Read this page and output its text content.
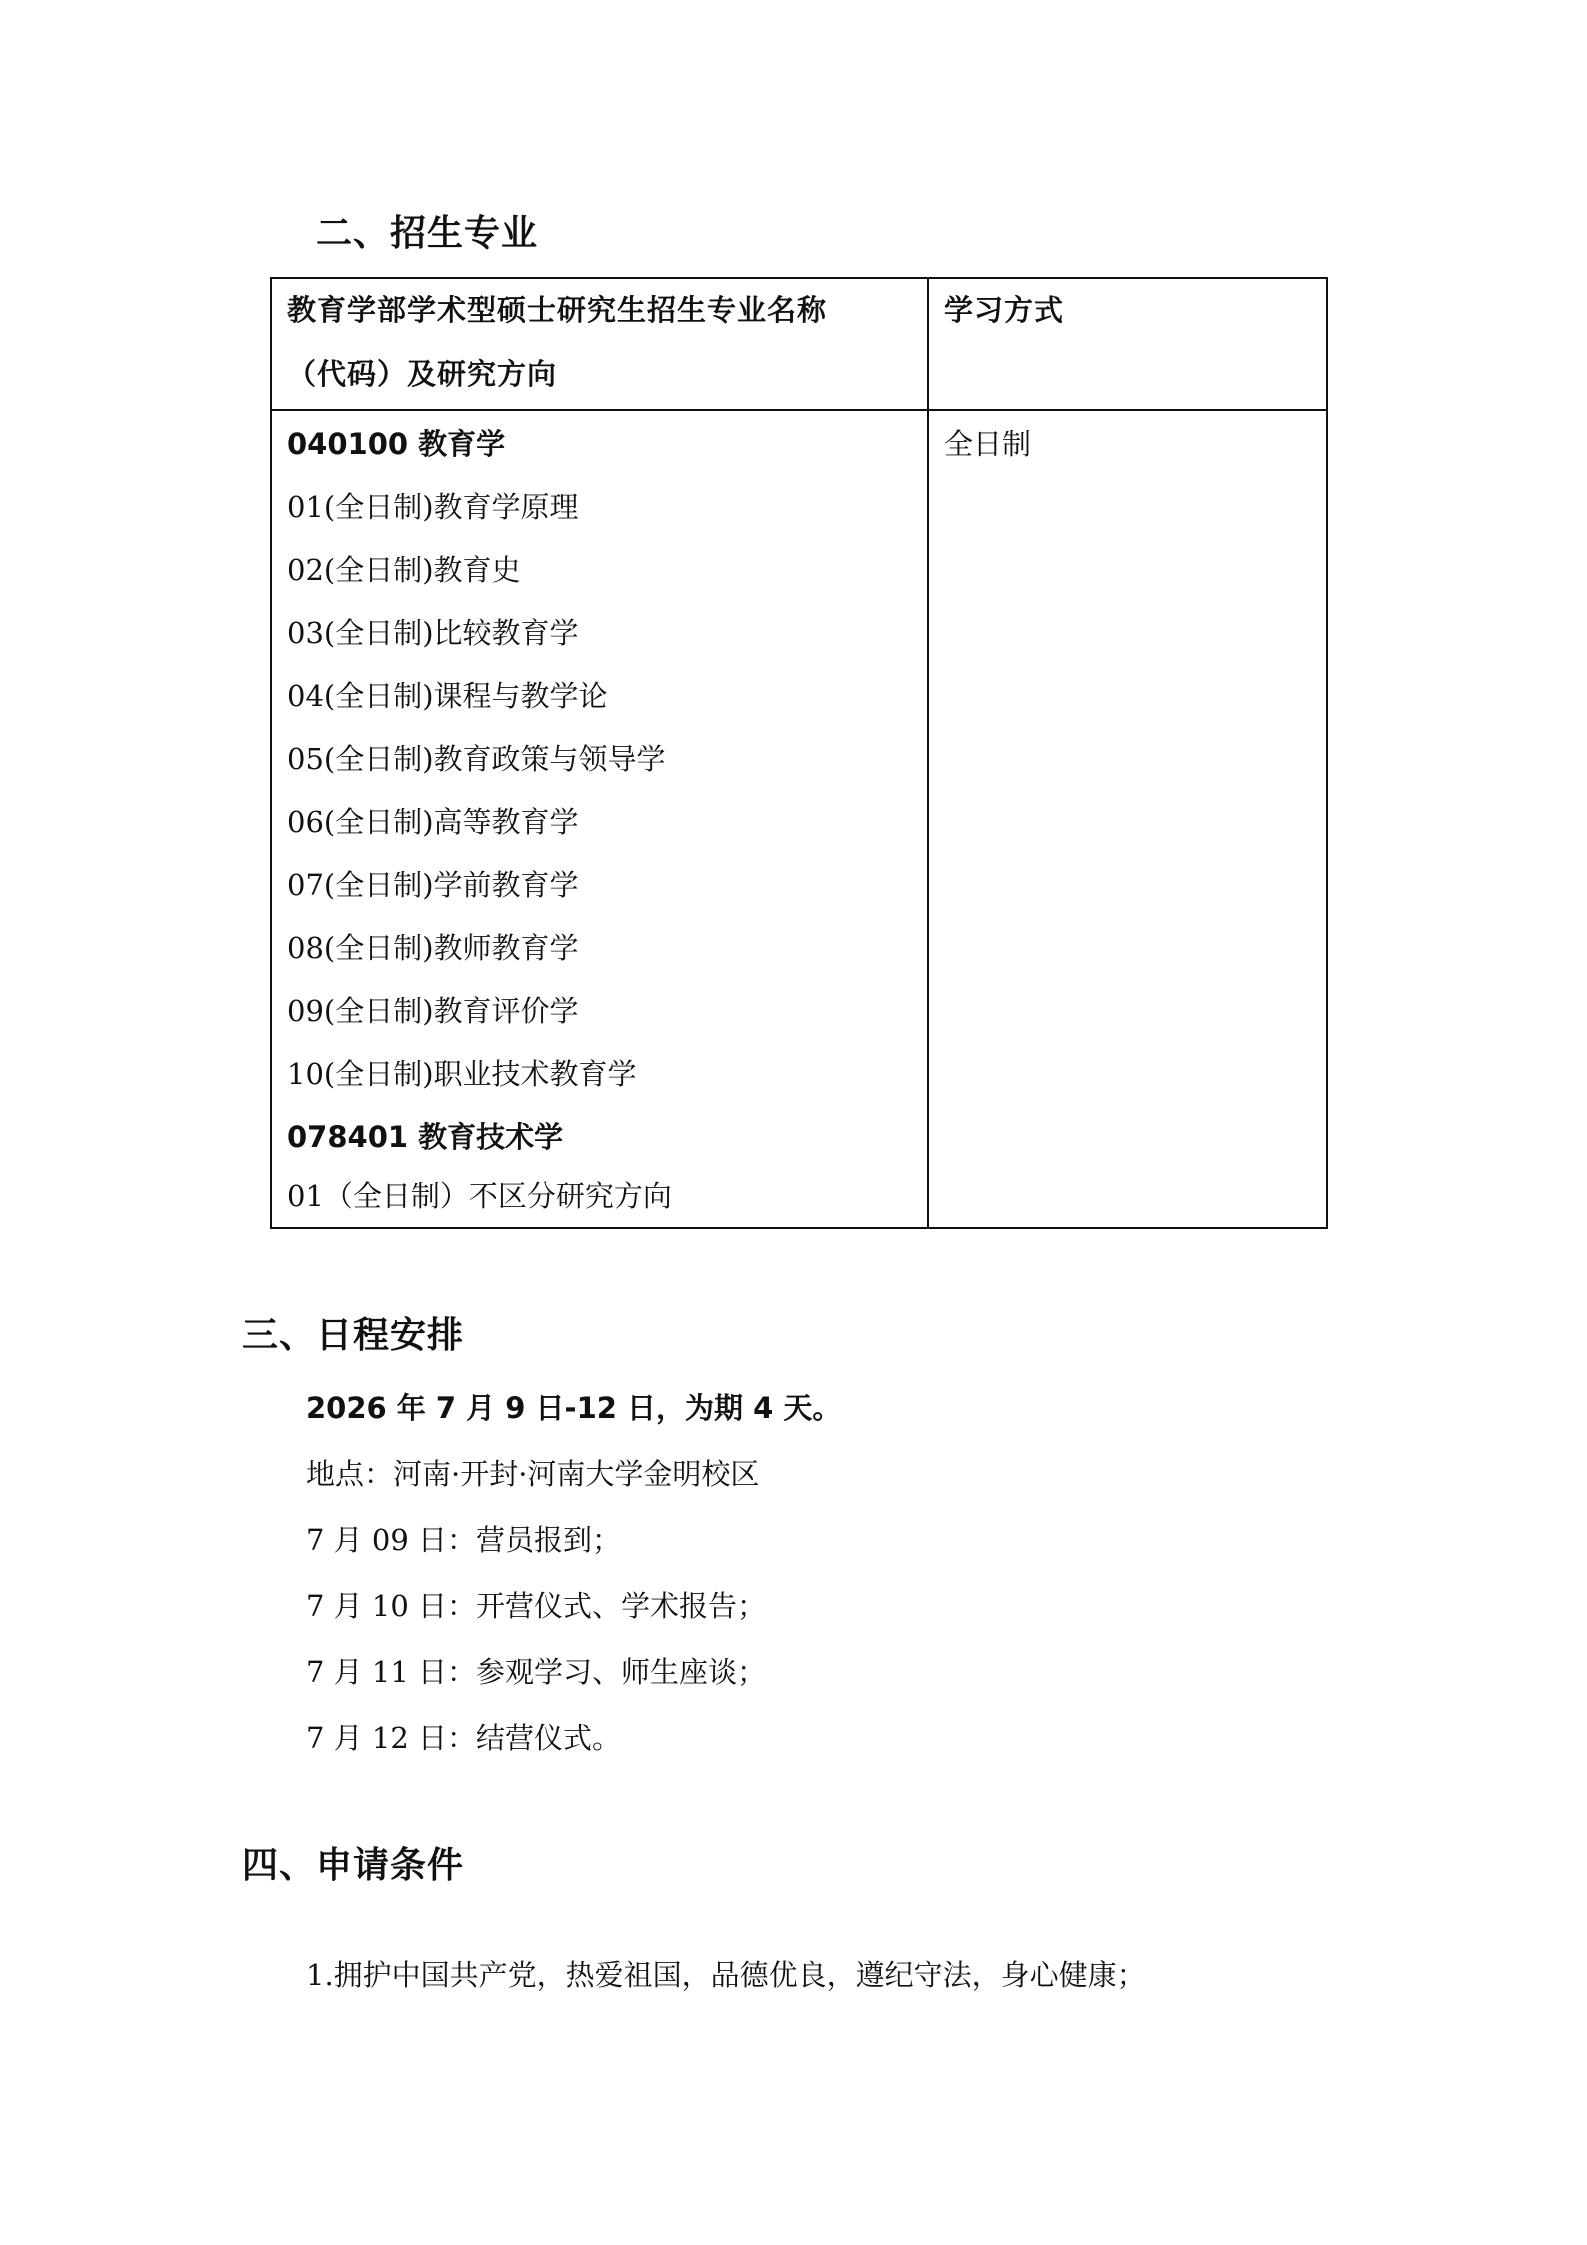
二、招生专业
教育学部学术型硕士研究生招生专业名称
（代码）及研究方向
学习方式
全日制
040100 教育学
01(全日制)教育学原理
02(全日制)教育史
03(全日制)比较教育学
04(全日制)课程与教学论
05(全日制)教育政策与领导学
06(全日制)高等教育学
07(全日制)学前教育学
08(全日制)教师教育学
09(全日制)教育评价学
10(全日制)职业技术教育学
078401 教育技术学
01（全日制）不区分研究方向
三、日程安排
2026 年 7 月 9 日-12 日，为期 4 天。
地点：河南·开封·河南大学金明校区
7 月 09 日：营员报到；
7 月 10 日：开营仪式、学术报告；
7 月 11 日：参观学习、师生座谈；
7 月 12 日：结营仪式。
四、申请条件
1.拥护中国共产党，热爱祖国，品德优良，遵纪守法，身心健康；
